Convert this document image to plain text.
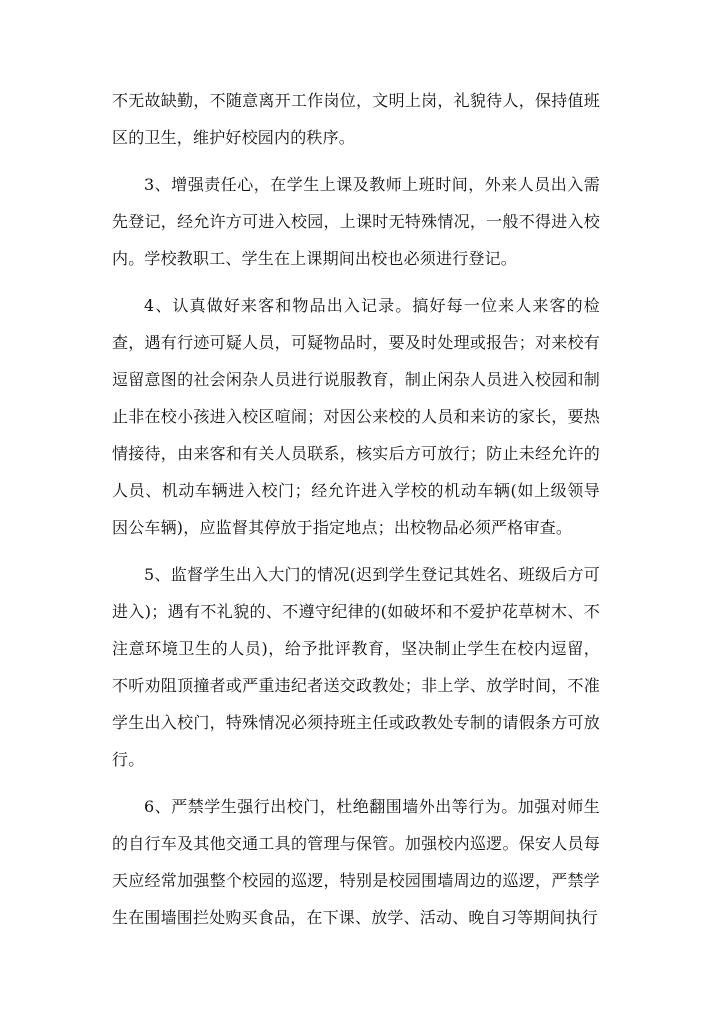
不无故缺勤，不随意离开工作岗位，文明上岗，礼貌待人，保持值班区的卫生，维护好校园内的秩序。

3、增强责任心，在学生上课及教师上班时间，外来人员出入需先登记，经允许方可进入校园，上课时无特殊情况，一般不得进入校内。学校教职工、学生在上课期间出校也必须进行登记。

4、认真做好来客和物品出入记录。搞好每一位来人来客的检查，遇有行迹可疑人员，可疑物品时，要及时处理或报告；对来校有逗留意图的社会闲杂人员进行说服教育，制止闲杂人员进入校园和制止非在校小孩进入校区喧闹；对因公来校的人员和来访的家长，要热情接待，由来客和有关人员联系，核实后方可放行；防止未经允许的人员、机动车辆进入校门；经允许进入学校的机动车辆(如上级领导因公车辆)，应监督其停放于指定地点；出校物品必须严格审查。

5、监督学生出入大门的情况(迟到学生登记其姓名、班级后方可进入)；遇有不礼貌的、不遵守纪律的(如破坏和不爱护花草树木、不注意环境卫生的人员)，给予批评教育，坚决制止学生在校内逗留，不听劝阻顶撞者或严重违纪者送交政教处；非上学、放学时间，不准学生出入校门，特殊情况必须持班主任或政教处专制的请假条方可放行。

6、严禁学生强行出校门，杜绝翻围墙外出等行为。加强对师生的自行车及其他交通工具的管理与保管。加强校内巡逻。保安人员每天应经常加强整个校园的巡逻，特别是校园围墙周边的巡逻，严禁学生在围墙围拦处购买食品，在下课、放学、活动、晚自习等期间执行
